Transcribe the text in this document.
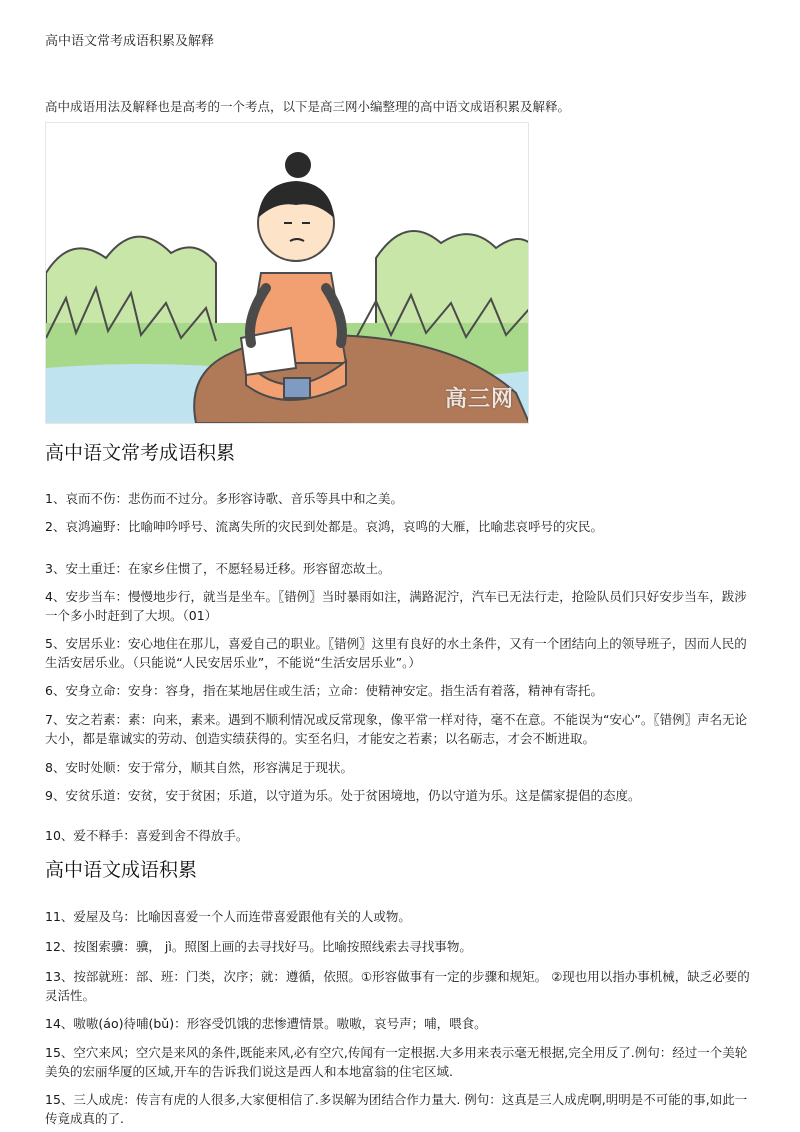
高中语文常考成语积累及解释
高中成语用法及解释也是高考的一个考点，以下是高三网小编整理的高中语文成语积累及解释。
高三网
高中语文常考成语积累

1、哀而不伤：悲伤而不过分。多形容诗歌、音乐等具中和之美。

2、哀鸿遍野：比喻呻吟呼号、流离失所的灾民到处都是。哀鸿，哀鸣的大雁，比喻悲哀呼号的灾民。

3、安土重迁：在家乡住惯了，不愿轻易迁移。形容留恋故土。

4、安步当车：慢慢地步行，就当是坐车。〖错例〗当时暴雨如注，满路泥泞，汽车已无法行走，抢险队员们只好安步当车，跋涉一个多小时赶到了大坝。（01）

5、安居乐业：安心地住在那儿，喜爱自己的职业。〖错例〗这里有良好的水土条件，又有一个团结向上的领导班子，因而人民的生活安居乐业。（只能说“人民安居乐业”，不能说“生活安居乐业”。）

6、安身立命：安身：容身，指在某地居住或生活；立命：使精神安定。指生活有着落，精神有寄托。

7、安之若素：素：向来，素来。遇到不顺利情况或反常现象，像平常一样对待，毫不在意。不能误为“安心”。〖错例〗声名无论大小，都是靠诚实的劳动、创造实绩获得的。实至名归，才能安之若素；以名砺志，才会不断进取。

8、安时处顺：安于常分，顺其自然，形容满足于现状。

9、安贫乐道：安贫，安于贫困；乐道，以守道为乐。处于贫困境地，仍以守道为乐。这是儒家提倡的态度。

10、爱不释手：喜爱到舍不得放手。

高中语文成语积累

11、爱屋及乌：比喻因喜爱一个人而连带喜爱跟他有关的人或物。

12、按图索骥：骥， jì。照图上画的去寻找好马。比喻按照线索去寻找事物。

13、按部就班：部、班：门类，次序；就：遵循，依照。①形容做事有一定的步骤和规矩。 ②现也用以指办事机械，缺乏必要的灵活性。

14、嗷嗷(áo)待哺(bǔ)：形容受饥饿的悲惨遭情景。嗷嗷，哀号声；哺，喂食。

15、空穴来风；空穴是来风的条件,既能来风,必有空穴,传闻有一定根据.大多用来表示毫无根据,完全用反了.例句：经过一个美轮美奂的宏丽华厦的区域,开车的告诉我们说这是西人和本地富翁的住宅区域.

15、三人成虎：传言有虎的人很多,大家便相信了.多误解为团结合作力量大. 例句：这真是三人成虎啊,明明是不可能的事,如此一传竟成真的了.
